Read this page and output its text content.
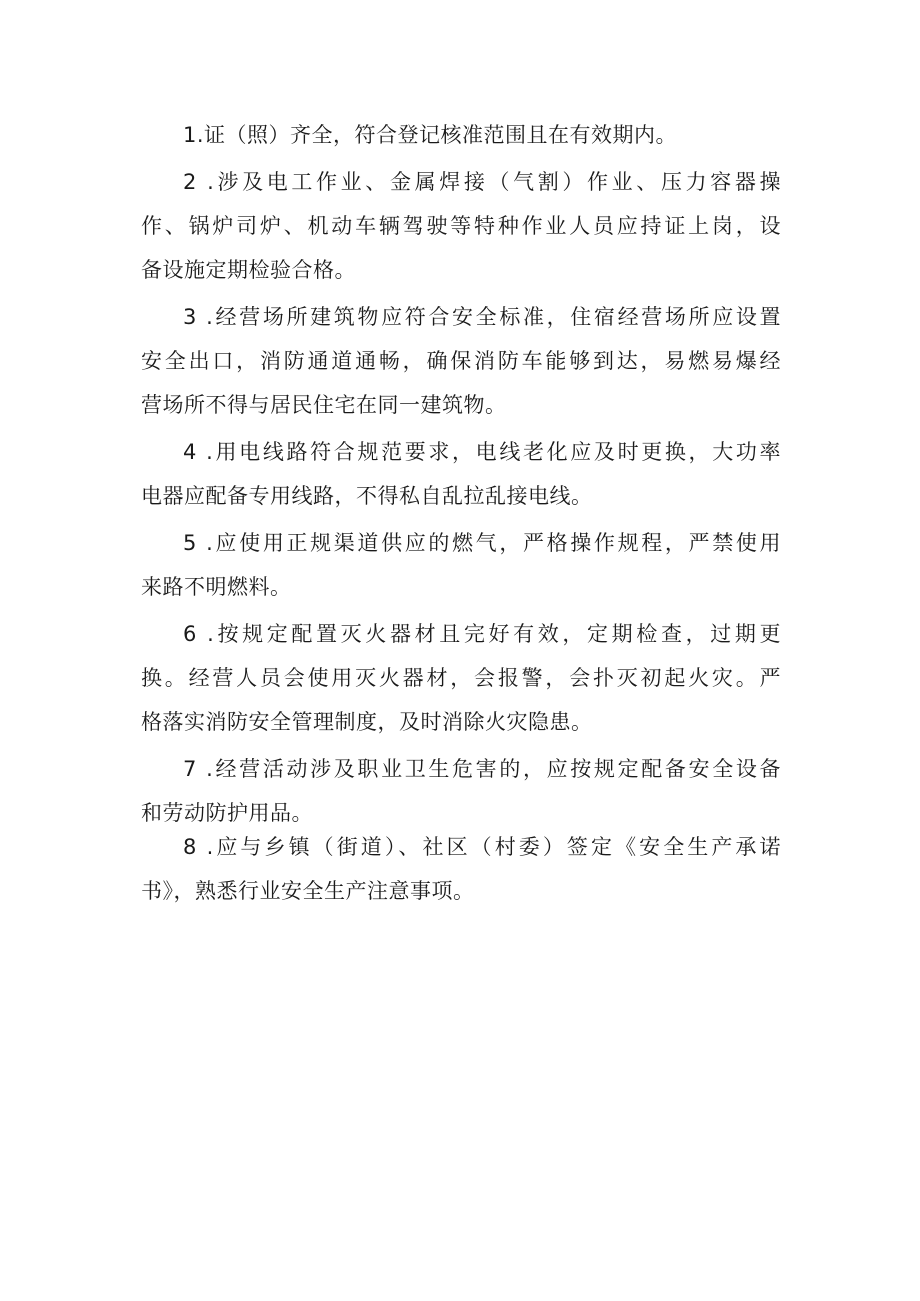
1.证（照）齐全，符合登记核准范围且在有效期内。
2 .涉及电工作业、金属焊接（气割）作业、压力容器操
作、锅炉司炉、机动车辆驾驶等特种作业人员应持证上岗，设
备设施定期检验合格。
3 .经营场所建筑物应符合安全标准，住宿经营场所应设置
安全出口，消防通道通畅，确保消防车能够到达，易燃易爆经
营场所不得与居民住宅在同一建筑物。
4 .用电线路符合规范要求，电线老化应及时更换，大功率
电器应配备专用线路，不得私自乱拉乱接电线。
5 .应使用正规渠道供应的燃气，严格操作规程，严禁使用
来路不明燃料。
6 .按规定配置灭火器材且完好有效，定期检查，过期更
换。经营人员会使用灭火器材，会报警，会扑灭初起火灾。严
格落实消防安全管理制度，及时消除火灾隐患。
7 .经营活动涉及职业卫生危害的，应按规定配备安全设备
和劳动防护用品。
8 .应与乡镇（街道）、社区（村委）签定《安全生产承诺
书》，熟悉行业安全生产注意事项。
